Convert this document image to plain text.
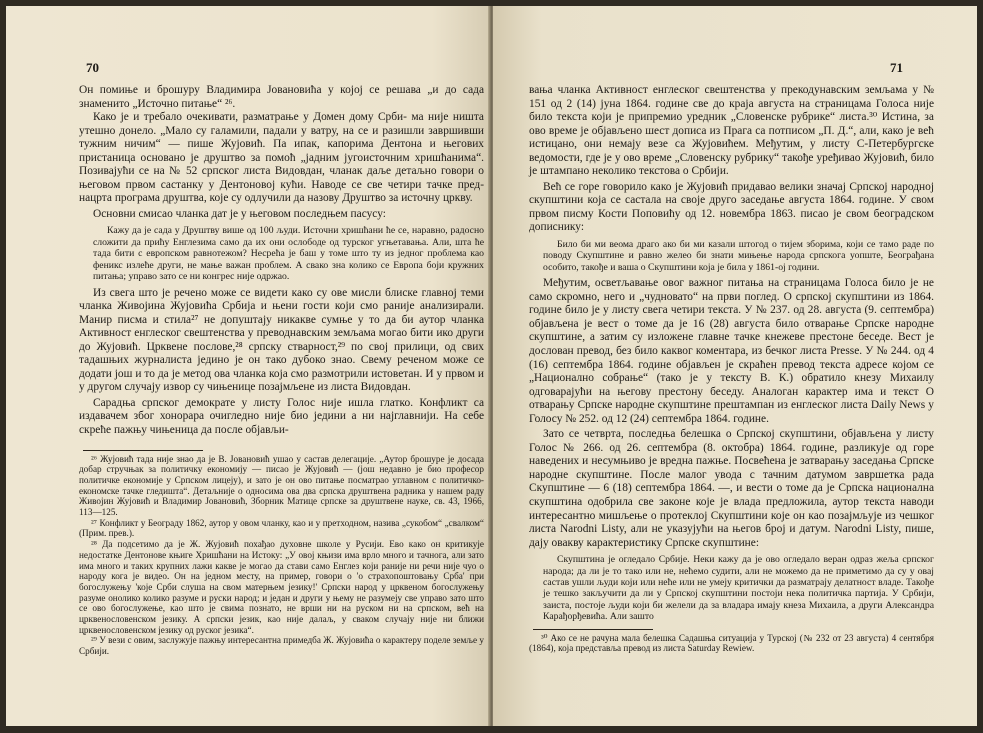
70

Он помиње и брошуру Владимира Јовановића у којој се решава „и до сада знаменито „Источно питање“ ²⁶.

Како је и требало очекивати, разматрање у Домен дому Срби- ма није ништа утешно донело. „Мало су галамили, падали у ватру, на се и разишли завршивши тужним ничим“ — пише Жујовић. Па ипак, капорима Дентона и његових пристаница основано је друштво за помоћ „јадним југоисточним хришћанима“. Позивајући се на № 52 српског листа Видовдан, чланак даље детаљно говори о његовом првом састанку у Дентоновој кући. Наводе се све четири тачке пред- нацрта програма друштва, које су одлучили да назову Друштво за источну цркву.

Основни смисао чланка дат је у његовом последњем пасусу:

Кажу да је сада у Друштву више од 100 људи. Источни хришћани ће се, наравно, радосно сложити да прићу Енглезима само да их они ослободе од турског угњетавања. Али, шта ће тада бити с европском равнотежом? Несрећа је баш у томе што ту из једног проблема као феникс излеће други, не мање важан проблем. А свако зна колико се Европа боји кружних питања; управо зато се ни конгрес није одржао.

Из свега што је речено може се видети како су ове мисли блиске главној теми чланка Живојина Жујовића Србија и њени гости који смо раније анализирали. Манир писма и стила²⁷ не допуштају никакве сумње у то да би аутор чланка Активност енглеског свештенства у преводнавским земљама могао бити ико други до Жујовић. Црквене послове,²⁸ српску стварност,²⁹ по свој прилици, од свих тадашњих журналиста једино је он тако дубоко знао. Свему реченом може се додати још и то да је метод ова чланка која смо размотрили истоветан. И у првом и у другом случају извор су чињенице позајмљене из листа Видовдан.

Сарадња српског демократе у листу Голос није ишла глатко. Конфликт са издавачем због хонорара очигледно није био једини а ни најглавнији. На себе скреће пажњу чињеница да после објављи-

²⁶ Жујовић тада није знао да је В. Јовановић ушао у састав делегације. „Аутор брошуре је досада добар стручњак за политичку економију — писао је Жујовић — (још недавно је био професор политичке економије у Српском лицеју), и зато је он ово питање посматрао углавном с политичко-економске тачке гледишта“. Детаљније о односима ова два српска друштвена радника у нашем раду Живојин Жујовић и Владимир Јовановић, Зборник Матице српске за друштвене науке, св. 43, 1966, 113—125.

²⁷ Конфликт у Београду 1862, аутор у овом чланку, као и у претходном, назива „сукобом“ „свалком“ (Прим. прев.).

²⁸ Да подсетимо да је Ж. Жујовић похађао духовне школе у Русији. Ево како он критикује недостатке Дентонове књиге Хришћани на Истоку: „У овој књизи има врло много и тачнога, али зато има много и таких крупних лажи какве је могао да стави само Енглез који раније ни речи није чуо о народу кога је видео. Он на једном месту, на пример, говори о 'о страхопоштовању Срба' при богослужењу 'које Срби слуша на свом матерњем језику!' Српски народ у црквеном богослужењу разуме онолико колико разуме и руски народ; и један и други у њему не разумеју све управо зато што се ово богослужење, као што је свима познато, не врши ни на руском ни на српском, већ на црквенословенском језику. А српски језик, као није далаљ, у сваком случају није ни ближи црквенословенском језику од руског језика“.

²⁹ У вези с овим, заслужује пажњу интересантна примедба Ж. Жујовића о карактеру поделе земље у Србији.

71

вања чланка Активност енглеског свештенства у прекодунавским земљама у № 151 од 2 (14) јуна 1864. године све до краја августа на страницама Голоса није било текста који је припремио уредник „Словенске рубрике“ листа.³⁰ Истина, за ово време је објављено шест дописа из Прага са потписом „П. Д.“, али, како је већ истицано, они немају везе са Жујовићем. Међутим, у листу С-Петербургске ведомости, где је у ово време „Словенску рубрику“ такође уређивао Жујовић, било је штампано неколико текстова о Србији.

Већ се горе говорило како је Жујовић придавао велики значај Српској народној скупштини која се састала на своје друго заседање августа 1864. године. У свом првом писму Кости Поповићу од 12. новембра 1863. писао је свом београдском дописнику:

Било би ми веома драго ако би ми казали штогод о тијем зборима, који се тамо раде по поводу Скупштине и равно желео би знати мињење народа српскога уопште, Београђана особито, такође и ваша о Скупштини која је била у 1861-ој години.

Међутим, осветљавање овог важног питања на страницама Голоса било је не само скромно, него и „чудновато“ на први поглед. О српској скупштини из 1864. године било је у листу свега четири текста. У № 237. од 28. августа (9. септембра) објављена је вест о томе да је 16 (28) августа било отварање Српске народне скупштине, а затим су изложене главне тачке кнежеве престоне беседе. Вест је дослован превод, без било каквог коментара, из бечког листа Presse. У № 244. од 4 (16) септембра 1864. године објављен је скраћен превод текста адресе којом се „Национално собрање“ (тако је у тексту В. К.) обратило кнезу Михаилу одговарајући на његову престону беседу. Аналоган карактер има и текст О отварању Српске народне скупштине прештампан из енглеског листа Daily News у Голосу № 252. од 12 (24) септембра 1864. године.

Зато се четврта, последња белешка о Српској скупштини, објављена у листу Голос № 266. од 26. септембра (8. октобра) 1864. године, разликује од горе наведених и несумњиво је вредна пажње. Посвећена је затварању заседања Српске народне скупштине. После малог увода с тачним датумом завршетка рада Скупштине — 6 (18) септембра 1864. —, и вести о томе да је Српска национална скупштина одобрила све законе које је влада предложила, аутор текста наводи интересантно мишљење о протеклој Скупштини које он као позајмљује из чешког листа Narodni Listy, али не указујући на његов број и датум. Narodni Listy, пише, дају овакву карактеристику Српске скупштине:

Скупштина је огледало Србије. Неки кажу да је ово огледало веран одраз жеља српског народа; да ли је то тако или не, нећемо судити, али не можемо да не приметимо да су у овај састав ушли људи који или неће или не умеју критички да разматрају делатност владе. Такође је тешко закључити да ли у Српској скупштини постоји нека политичка партија. У Србији, заиста, постоје људи који би желели да за владара имају кнеза Михаила, а други Александра Карађорђевића. Али зашто

³⁰ Ако се не рачуна мала белешка Садашња ситуација у Турској (№ 232 от 23 августа) 4 сентября (1864), која представља превод из листа Saturday Rewiew.
